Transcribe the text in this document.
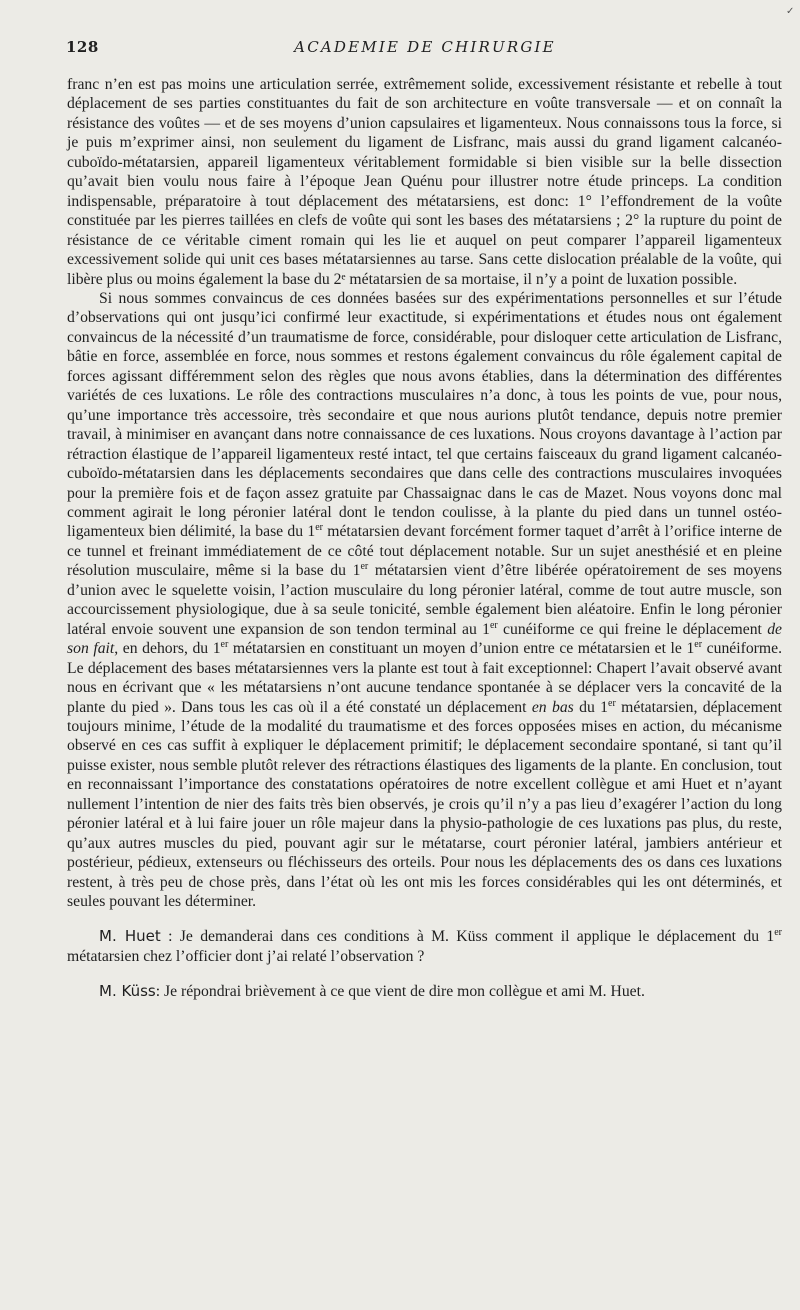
✓
128	ACADEMIE DE CHIRURGIE

franc n’en est pas moins une articulation serrée, extrêmement solide, excessivement résistante et rebelle à tout déplacement de ses parties constituantes du fait de son architecture en voûte transversale — et on connaît la résistance des voûtes — et de ses moyens d’union capsulaires et ligamenteux. Nous connaissons tous la force, si je puis m’exprimer ainsi, non seulement du ligament de Lisfranc, mais aussi du grand ligament calcanéo-cuboïdo-métatarsien, appareil ligamenteux véritablement formidable si bien visible sur la belle dissection qu’avait bien voulu nous faire à l’époque Jean Quénu pour illustrer notre étude princeps. La condition indispensable, préparatoire à tout déplacement des métatarsiens, est donc: 1° l’effondrement de la voûte constituée par les pierres taillées en clefs de voûte qui sont les bases des métatarsiens ; 2° la rupture du point de résistance de ce véritable ciment romain qui les lie et auquel on peut comparer l’appareil ligamenteux excessivement solide qui unit ces bases métatarsiennes au tarse. Sans cette dislocation préalable de la voûte, qui libère plus ou moins également la base du 2ᵉ métatarsien de sa mortaise, il n’y a point de luxation possible.

Si nous sommes convaincus de ces données basées sur des expérimentations personnelles et sur l’étude d’observations qui ont jusqu’ici confirmé leur exactitude, si expérimentations et études nous ont également convaincus de la nécessité d’un traumatisme de force, considérable, pour disloquer cette articulation de Lisfranc, bâtie en force, assemblée en force, nous sommes et restons également convaincus du rôle également capital de forces agissant différemment selon des règles que nous avons établies, dans la détermination des différentes variétés de ces luxations. Le rôle des contractions musculaires n’a donc, à tous les points de vue, pour nous, qu’une importance très accessoire, très secondaire et que nous aurions plutôt tendance, depuis notre premier travail, à minimiser en avançant dans notre connaissance de ces luxations. Nous croyons davantage à l’action par rétraction élastique de l’appareil ligamenteux resté intact, tel que certains faisceaux du grand ligament calcanéo-cuboïdo-métatarsien dans les déplacements secondaires que dans celle des contractions musculaires invoquées pour la première fois et de façon assez gratuite par Chassaignac dans le cas de Mazet. Nous voyons donc mal comment agirait le long péronier latéral dont le tendon coulisse, à la plante du pied dans un tunnel ostéo-ligamenteux bien délimité, la base du 1er métatarsien devant forcément former taquet d’arrêt à l’orifice interne de ce tunnel et freinant immédiatement de ce côté tout déplacement notable. Sur un sujet anesthésié et en pleine résolution musculaire, même si la base du 1er métatarsien vient d’être libérée opératoirement de ses moyens d’union avec le squelette voisin, l’action musculaire du long péronier latéral, comme de tout autre muscle, son accourcissement physiologique, due à sa seule tonicité, semble également bien aléatoire. Enfin le long péronier latéral envoie souvent une expansion de son tendon terminal au 1er cunéiforme ce qui freine le déplacement de son fait, en dehors, du 1er métatarsien en constituant un moyen d’union entre ce métatarsien et le 1er cunéiforme. Le déplacement des bases métatarsiennes vers la plante est tout à fait exceptionnel: Chapert l’avait observé avant nous en écrivant que « les métatarsiens n’ont aucune tendance spontanée à se déplacer vers la concavité de la plante du pied ». Dans tous les cas où il a été constaté un déplacement en bas du 1er métatarsien, déplacement toujours minime, l’étude de la modalité du traumatisme et des forces opposées mises en action, du mécanisme observé en ces cas suffit à expliquer le déplacement primitif; le déplacement secondaire spontané, si tant qu’il puisse exister, nous semble plutôt relever des rétractions élastiques des ligaments de la plante. En conclusion, tout en reconnaissant l’importance des constatations opératoires de notre excellent collègue et ami Huet et n’ayant nullement l’intention de nier des faits très bien observés, je crois qu’il n’y a pas lieu d’exagérer l’action du long péronier latéral et à lui faire jouer un rôle majeur dans la physio-pathologie de ces luxations pas plus, du reste, qu’aux autres muscles du pied, pouvant agir sur le métatarse, court péronier latéral, jambiers antérieur et postérieur, pédieux, extenseurs ou fléchisseurs des orteils. Pour nous les déplacements des os dans ces luxations restent, à très peu de chose près, dans l’état où les ont mis les forces considérables qui les ont déterminés, et seules pouvant les déterminer.

M. Huet : Je demanderai dans ces conditions à M. Küss comment il applique le déplacement du 1er métatarsien chez l’officier dont j’ai relaté l’observation ?

M. Küss: Je répondrai brièvement à ce que vient de dire mon collègue et ami M. Huet.
